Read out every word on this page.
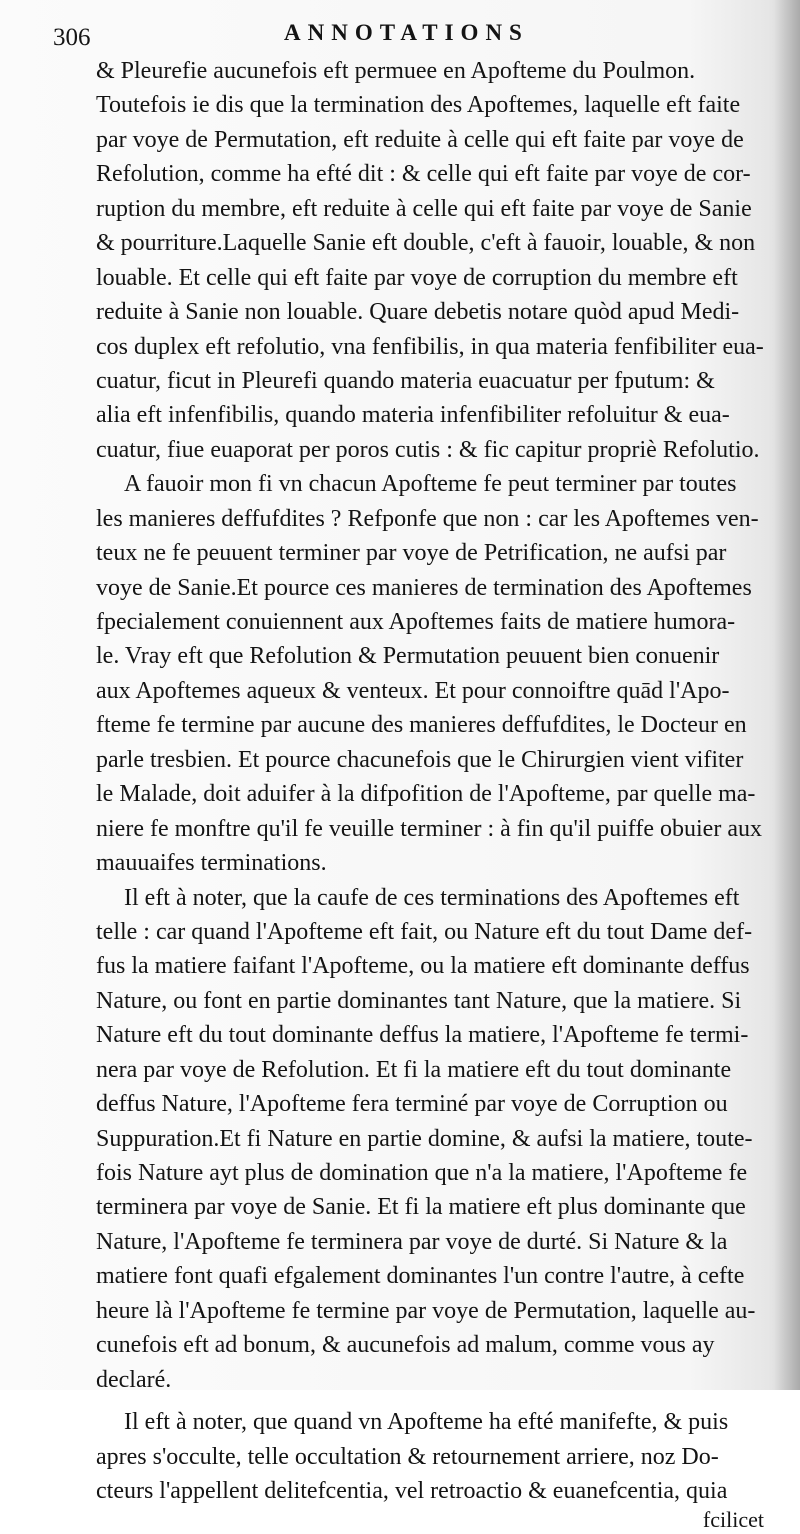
306	ANNOTATIONS
& Pleurefie aucunefois eft permuee en Apofteme du Poulmon.
Toutefois ie dis que la termination des Apoftemes, laquelle eft faite
par voye de Permutation, eft reduite à celle qui eft faite par voye de
Refolution, comme ha efté dit : & celle qui eft faite par voye de cor-
ruption du membre, eft reduite à celle qui eft faite par voye de Sanie
& pourriture.Laquelle Sanie eft double, c'eft à fauoir, louable, & non
louable. Et celle qui eft faite par voye de corruption du membre eft
reduite à Sanie non louable. Quare debetis notare quòd apud Medi-
cos duplex eft refolutio, vna fenfibilis, in qua materia fenfibiliter eua-
cuatur, ficut in Pleurefi quando materia euacuatur per fputum: &
alia eft infenfibilis, quando materia infenfibiliter refoluitur & eua-
cuatur, fiue euaporat per poros cutis : & fic capitur propriè Refolutio.
A fauoir mon fi vn chacun Apofteme fe peut terminer par toutes
les manieres deffufdites ? Refponfe que non : car les Apoftemes ven-
teux ne fe peuuent terminer par voye de Petrification, ne aufsi par
voye de Sanie.Et pource ces manieres de termination des Apoftemes
fpecialement conuiennent aux Apoftemes faits de matiere humora-
le. Vray eft que Refolution & Permutation peuuent bien conuenir
aux Apoftemes aqueux & venteux. Et pour connoiftre quād l'Apo-
fteme fe termine par aucune des manieres deffufdites, le Docteur en
parle tresbien. Et pource chacunefois que le Chirurgien vient vifiter
le Malade, doit aduifer à la difpofition de l'Apofteme, par quelle ma-
niere fe monftre qu'il fe veuille terminer : à fin qu'il puiffe obuier aux
mauuaifes terminations.
Il eft à noter, que la caufe de ces terminations des Apoftemes eft
telle : car quand l'Apofteme eft fait, ou Nature eft du tout Dame def-
fus la matiere faifant l'Apofteme, ou la matiere eft dominante deffus
Nature, ou font en partie dominantes tant Nature, que la matiere. Si
Nature eft du tout dominante deffus la matiere, l'Apofteme fe termi-
nera par voye de Refolution. Et fi la matiere eft du tout dominante
deffus Nature, l'Apofteme fera terminé par voye de Corruption ou
Suppuration.Et fi Nature en partie domine, & aufsi la matiere, toute-
fois Nature ayt plus de domination que n'a la matiere, l'Apofteme fe
terminera par voye de Sanie. Et fi la matiere eft plus dominante que
Nature, l'Apofteme fe terminera par voye de durté. Si Nature & la
matiere font quafi efgalement dominantes l'un contre l'autre, à cefte
heure là l'Apofteme fe termine par voye de Permutation, laquelle au-
cunefois eft ad bonum, & aucunefois ad malum, comme vous ay
declaré.
Il eft à noter, que quand vn Apofteme ha efté manifefte, & puis
apres s'occulte, telle occultation & retournement arriere, noz Do-
cteurs l'appellent delitefcentia, vel retroactio & euanefcentia, quia
fcilicet
